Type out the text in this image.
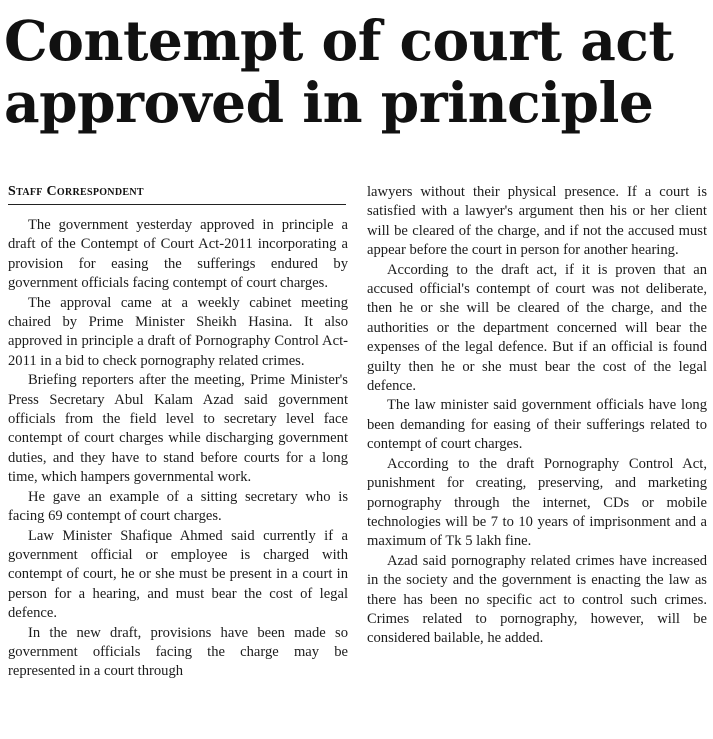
Contempt of court act
approved in principle
Staff Correspondent

The government yesterday approved in principle a draft of the Contempt of Court Act-2011 incorporating a provision for easing the sufferings endured by government officials facing contempt of court charges.

The approval came at a weekly cabinet meeting chaired by Prime Minister Sheikh Hasina. It also approved in principle a draft of Pornography Control Act-2011 in a bid to check pornography related crimes.

Briefing reporters after the meeting, Prime Minister's Press Secretary Abul Kalam Azad said government officials from the field level to secretary level face contempt of court charges while discharging government duties, and they have to stand before courts for a long time, which hampers governmental work.

He gave an example of a sitting secretary who is facing 69 contempt of court charges.

Law Minister Shafique Ahmed said currently if a government official or employee is charged with contempt of court, he or she must be present in a court in person for a hearing, and must bear the cost of legal defence.

In the new draft, provisions have been made so government officials facing the charge may be represented in a court through

lawyers without their physical presence. If a court is satisfied with a lawyer's argument then his or her client will be cleared of the charge, and if not the accused must appear before the court in person for another hearing.

According to the draft act, if it is proven that an accused official's contempt of court was not deliberate, then he or she will be cleared of the charge, and the authorities or the department concerned will bear the expenses of the legal defence. But if an official is found guilty then he or she must bear the cost of the legal defence.

The law minister said government officials have long been demanding for easing of their sufferings related to contempt of court charges.

According to the draft Pornography Control Act, punishment for creating, preserving, and marketing pornography through the internet, CDs or mobile technologies will be 7 to 10 years of imprisonment and a maximum of Tk 5 lakh fine.

Azad said pornography related crimes have increased in the society and the government is enacting the law as there has been no specific act to control such crimes. Crimes related to pornography, however, will be considered bailable, he added.
